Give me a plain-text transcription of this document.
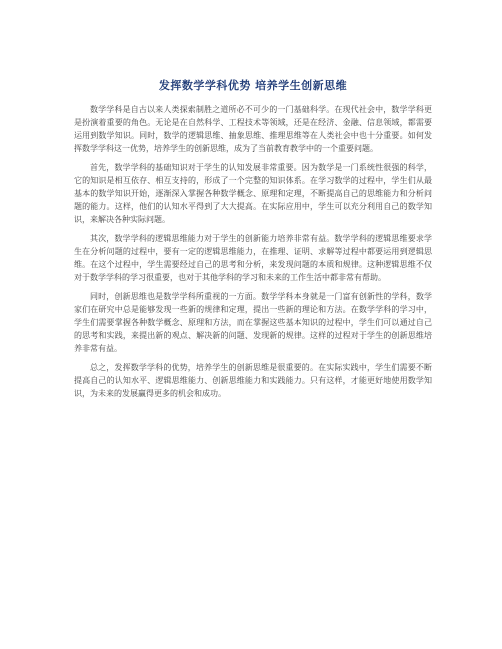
发挥数学学科优势 培养学生创新思维

数学学科是自古以来人类探索制胜之道所必不可少的一门基础科学。在现代社会中，数学学科更是扮演着重要的角色。无论是在自然科学、工程技术等领域，还是在经济、金融、信息领域，都需要运用到数学知识。同时，数学的逻辑思维、抽象思维、推理思维等在人类社会中也十分重要。如何发挥数学学科这一优势，培养学生的创新思维，成为了当前教育教学中的一个重要问题。

首先，数学学科的基础知识对于学生的认知发展非常重要。因为数学是一门系统性很强的科学，它的知识是相互依存、相互支持的，形成了一个完整的知识体系。在学习数学的过程中，学生们从最基本的数学知识开始，逐渐深入掌握各种数学概念、原理和定理，不断提高自己的思维能力和分析问题的能力。这样，他们的认知水平得到了大大提高。在实际应用中，学生可以充分利用自己的数学知识，来解决各种实际问题。

其次，数学学科的逻辑思维能力对于学生的创新能力培养非常有益。数学学科的逻辑思维要求学生在分析问题的过程中，要有一定的逻辑思维能力，在推理、证明、求解等过程中都要运用到逻辑思维。在这个过程中，学生需要经过自己的思考和分析，来发现问题的本质和规律。这种逻辑思维不仅对于数学学科的学习很重要，也对于其他学科的学习和未来的工作生活中都非常有帮助。

同时，创新思维也是数学学科所重视的一方面。数学学科本身就是一门富有创新性的学科，数学家们在研究中总是能够发现一些新的规律和定理，提出一些新的理论和方法。在数学学科的学习中，学生们需要掌握各种数学概念、原理和方法，而在掌握这些基本知识的过程中，学生们可以通过自己的思考和实践，来提出新的观点、解决新的问题、发现新的规律。这样的过程对于学生的创新思维培养非常有益。

总之，发挥数学学科的优势，培养学生的创新思维是很重要的。在实际实践中，学生们需要不断提高自己的认知水平、逻辑思维能力、创新思维能力和实践能力。只有这样，才能更好地使用数学知识，为未来的发展赢得更多的机会和成功。
